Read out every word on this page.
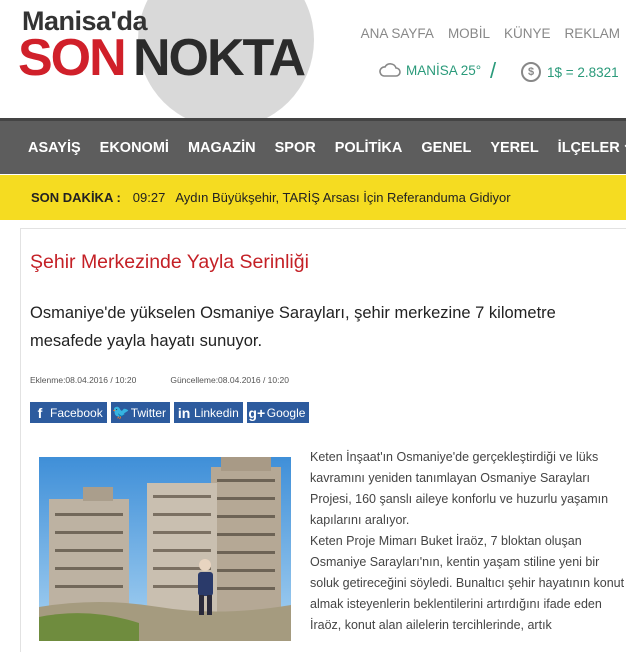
Manisa'da
SON NOKTA	ANA SAYFA MOBİL KÜNYE REKLAM
MANİSA 25° /	$ 1$ = 2.8321
ASAYİŞ EKONOMİ MAGAZİN SPOR POLİTİKA GENEL YEREL İLÇELER
SON DAKİKA : 09:27 Aydın Büyükşehir, TARİŞ Arsası İçin Referanduma Gidiyor
Şehir Merkezinde Yayla Serinliği

Osmaniye'de yükselen Osmaniye Sarayları, şehir merkezine 7 kilometre mesafede yayla hayatı sunuyor.

Eklenme:08.04.2016 / 10:20	Güncelleme:08.04.2016 / 10:20
f Facebook 🐦 Twitter in Linkedin g+ Google

Keten İnşaat'ın Osmaniye'de gerçekleştirdiği ve lüks kavramını yeniden tanımlayan Osmaniye Sarayları Projesi, 160 şanslı aileye konforlu ve huzurlu yaşamın kapılarını aralıyor.

Keten Proje Mimarı Buket İraöz, 7 bloktan oluşan Osmaniye Sarayları'nın, kentin yaşam stiline yeni bir soluk getireceğini söyledi. Bunaltıcı şehir hayatının konut almak isteyenlerin beklentilerini artırdığını ifade eden İraöz, konut alan ailelerin tercihlerinde, artık
